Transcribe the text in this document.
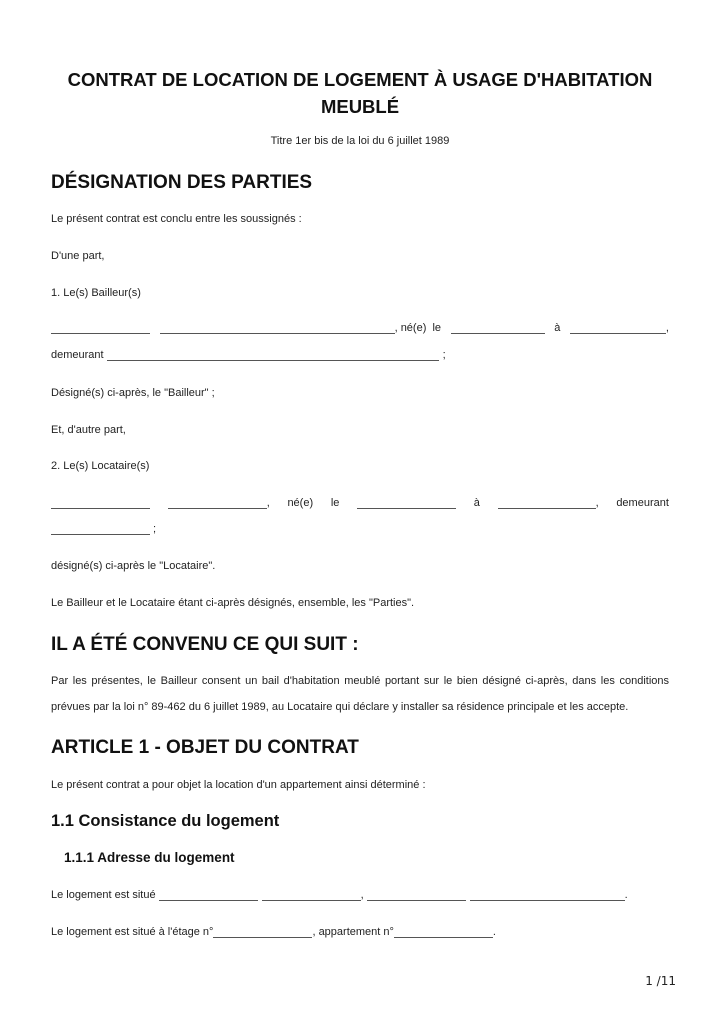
CONTRAT DE LOCATION DE LOGEMENT À USAGE D'HABITATION MEUBLÉ
Titre 1er bis de la loi du 6 juillet 1989
DÉSIGNATION DES PARTIES
Le présent contrat est conclu entre les soussignés :
D'une part,
1. Le(s) Bailleur(s)
, né(e)  le	à	,
demeurant	;
Désigné(s) ci-après, le "Bailleur" ;
Et, d'autre part,
2. Le(s) Locataire(s)
, né(e) le	à	, demeurant
;
désigné(s) ci-après le "Locataire".
Le Bailleur et le Locataire étant ci-après désignés, ensemble, les "Parties".
IL A ÉTÉ CONVENU CE QUI SUIT :
Par les présentes, le Bailleur consent un bail d'habitation meublé portant sur le bien désigné ci-après, dans les conditions
prévues par la loi n° 89-462 du 6 juillet 1989, au Locataire qui déclare y installer sa résidence principale et les accepte.
ARTICLE 1 - OBJET DU CONTRAT
Le présent contrat a pour objet la location d'un appartement ainsi déterminé :
1.1 Consistance du logement
1.1.1 Adresse du logement
Le logement est situé	,	.
Le logement est situé à l'étage n°	, appartement n°	.
1 /11
